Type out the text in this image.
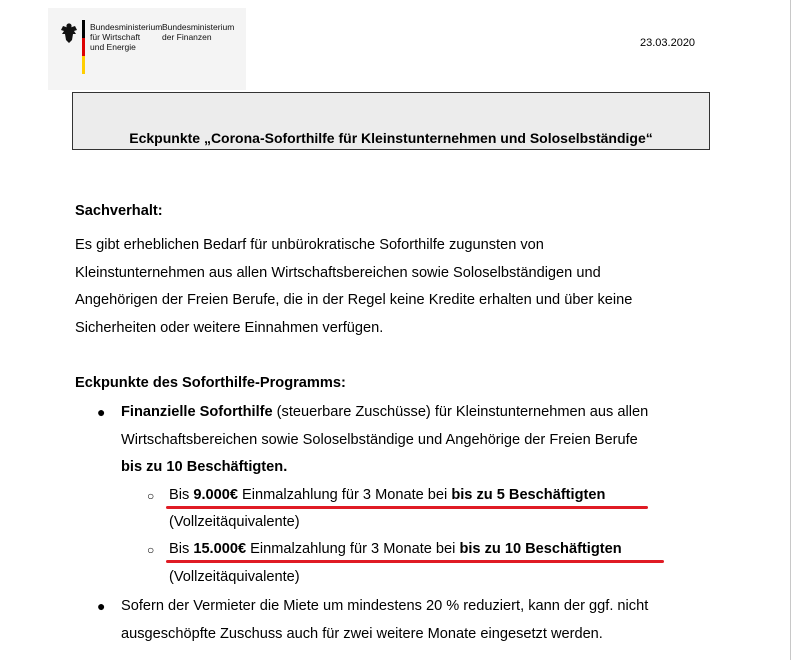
Bundesministerium
für Wirtschaft
und Energie
Bundesministerium
der Finanzen	23.03.2020
Eckpunkte „Corona-Soforthilfe für Kleinstunternehmen und Soloselbständige“
Sachverhalt:
Es gibt erheblichen Bedarf für unbürokratische Soforthilfe zugunsten von
Kleinstunternehmen aus allen Wirtschaftsbereichen sowie Soloselbständigen und
Angehörigen der Freien Berufe, die in der Regel keine Kredite erhalten und über keine
Sicherheiten oder weitere Einnahmen verfügen.
Eckpunkte des Soforthilfe-Programms:
● Finanzielle Soforthilfe (steuerbare Zuschüsse) für Kleinstunternehmen aus allen
Wirtschaftsbereichen sowie Soloselbständige und Angehörige der Freien Berufe
bis zu 10 Beschäftigten.
○ Bis 9.000€ Einmalzahlung für 3 Monate bei bis zu 5 Beschäftigten
(Vollzeitäquivalente)
○ Bis 15.000€ Einmalzahlung für 3 Monate bei bis zu 10 Beschäftigten
(Vollzeitäquivalente)
● Sofern der Vermieter die Miete um mindestens 20 % reduziert, kann der ggf. nicht
ausgeschöpfte Zuschuss auch für zwei weitere Monate eingesetzt werden.
